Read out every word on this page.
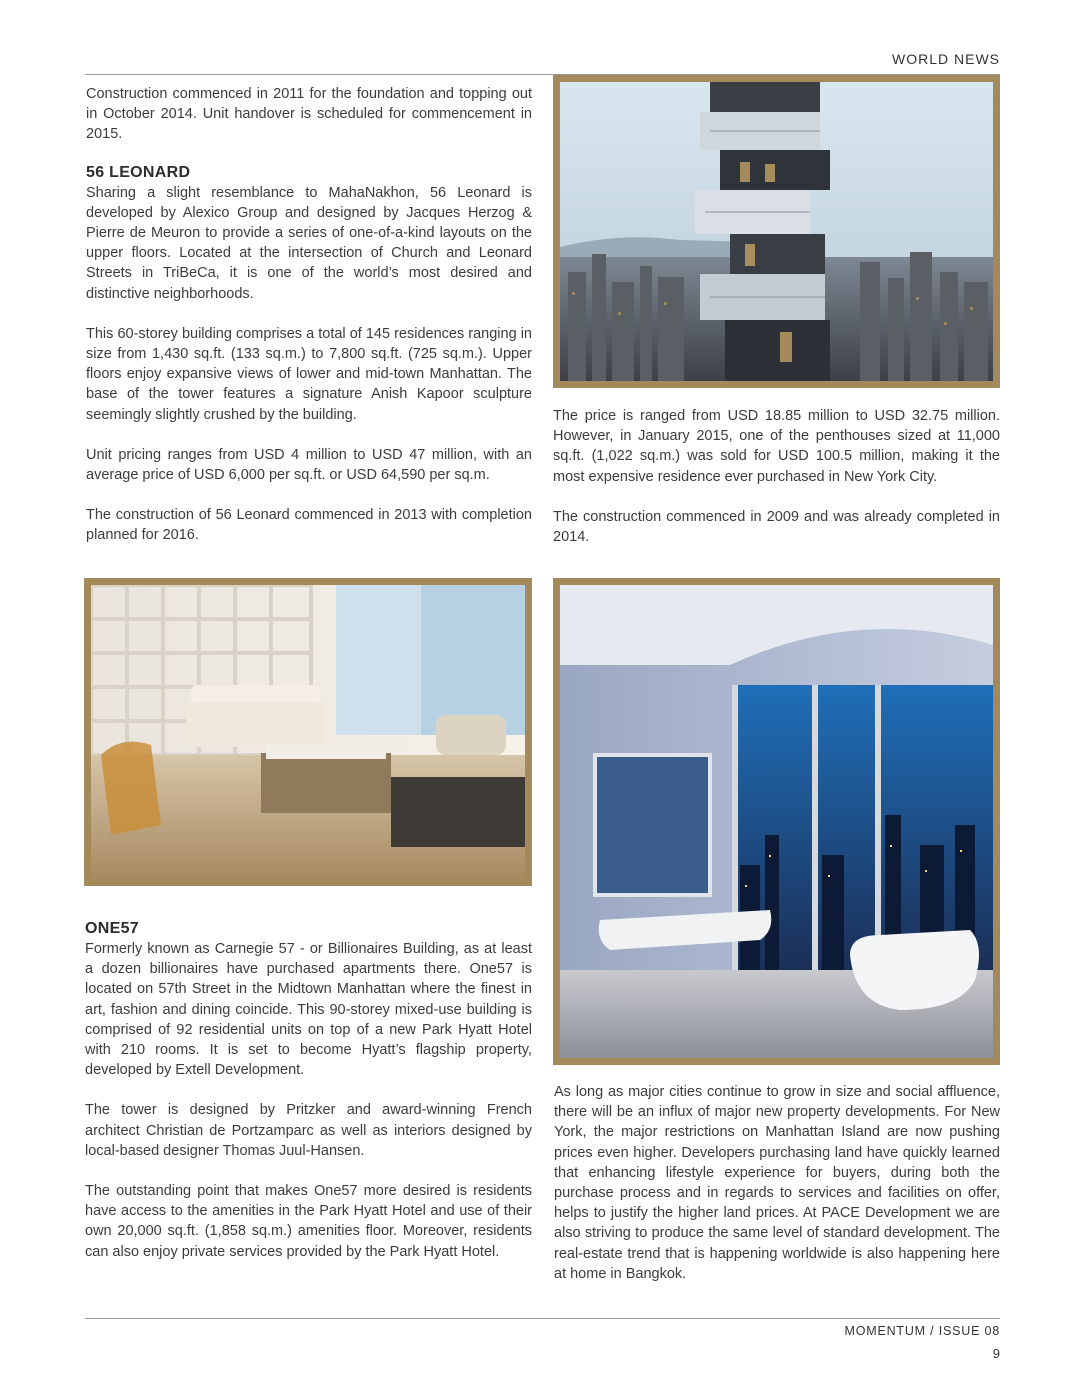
WORLD NEWS

Construction commenced in 2011 for the foundation and topping out in October 2014. Unit handover is scheduled for commencement in 2015.

56 LEONARD

Sharing a slight resemblance to MahaNakhon, 56 Leonard is developed by Alexico Group and designed by Jacques Herzog & Pierre de Meuron to provide a series of one-of-a-kind layouts on the upper floors. Located at the intersection of Church and Leonard Streets in TriBeCa, it is one of the world’s most desired and distinctive neighborhoods.

This 60-storey building comprises a total of 145 residences ranging in size from 1,430 sq.ft. (133 sq.m.) to 7,800 sq.ft. (725 sq.m.). Upper floors enjoy expansive views of lower and mid-town Manhattan. The base of the tower features a signature Anish Kapoor sculpture seemingly slightly crushed by the building.

Unit pricing ranges from USD 4 million to USD 47 million, with an average price of USD 6,000 per sq.ft. or USD 64,590 per sq.m.

The construction of 56 Leonard commenced in 2013 with completion planned for 2016.

The price is ranged from USD 18.85 million to USD 32.75 million. However, in January 2015, one of the penthouses sized at 11,000 sq.ft. (1,022 sq.m.) was sold for USD 100.5 million, making it the most expensive residence ever purchased in New York City.

The construction commenced in 2009 and was already completed in 2014.

ONE57

Formerly known as Carnegie 57 - or Billionaires Building, as at least a dozen billionaires have purchased apartments there. One57 is located on 57th Street in the Midtown Manhattan where the finest in art, fashion and dining coincide. This 90-storey mixed-use building is comprised of 92 residential units on top of a new Park Hyatt Hotel with 210 rooms. It is set to become Hyatt’s flagship property, developed by Extell Development.

The tower is designed by Pritzker and award-winning French architect Christian de Portzamparc as well as interiors designed by local-based designer Thomas Juul-Hansen.

The outstanding point that makes One57 more desired is residents have access to the amenities in the Park Hyatt Hotel and use of their own 20,000 sq.ft. (1,858 sq.m.) amenities floor. Moreover, residents can also enjoy private services provided by the Park Hyatt Hotel.

As long as major cities continue to grow in size and social affluence, there will be an influx of major new property developments. For New York, the major restrictions on Manhattan Island are now pushing prices even higher. Developers purchasing land have quickly learned that enhancing lifestyle experience for buyers, during both the purchase process and in regards to services and facilities on offer, helps to justify the higher land prices. At PACE Development we are also striving to produce the same level of standard development. The real-estate trend that is happening worldwide is also happening here at home in Bangkok.

MOMENTUM / ISSUE 08
9
